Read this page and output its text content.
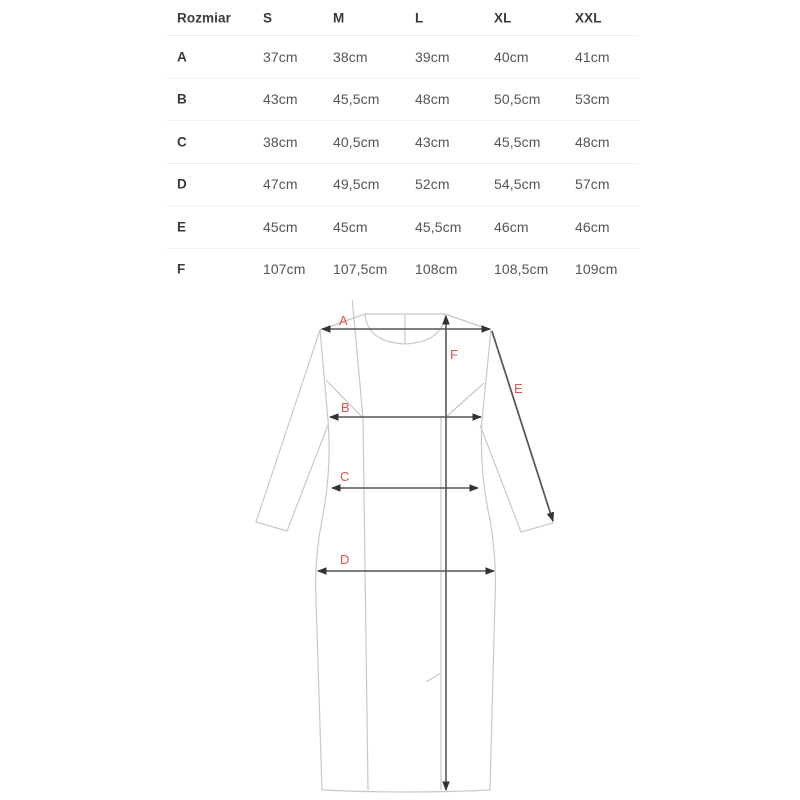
Rozmiar S	M	L	XL	XXL
A	37cm	38cm	39cm	40cm	41cm
B	43cm	45,5cm	48cm	50,5cm 53cm
C	38cm	40,5cm	43cm	45,5cm 48cm
D	47cm	49,5cm	52cm	54,5cm 57cm
E	45cm	45cm	45,5cm 46cm	46cm
F	107cm 107,5cm 108cm	108,5cm 109cm
A
B
C
D
E
F
